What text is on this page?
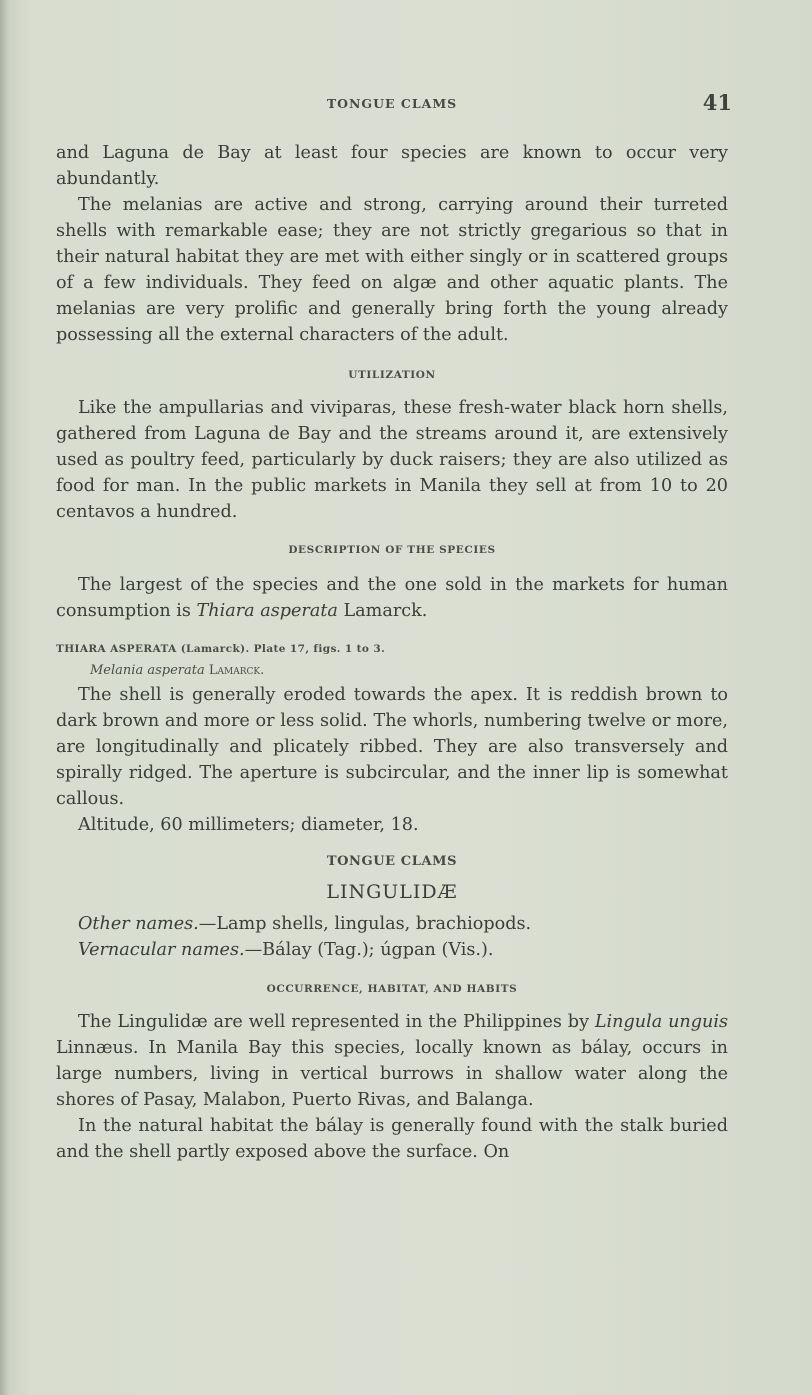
TONGUE CLAMS	41

and Laguna de Bay at least four species are known to occur very abundantly.

The melanias are active and strong, carrying around their turreted shells with remarkable ease; they are not strictly gregarious so that in their natural habitat they are met with either singly or in scattered groups of a few individuals. They feed on algæ and other aquatic plants. The melanias are very prolific and generally bring forth the young already possessing all the external characters of the adult.

UTILIZATION

Like the ampullarias and viviparas, these fresh-water black horn shells, gathered from Laguna de Bay and the streams around it, are extensively used as poultry feed, particularly by duck raisers; they are also utilized as food for man. In the public markets in Manila they sell at from 10 to 20 centavos a hundred.

DESCRIPTION OF THE SPECIES

The largest of the species and the one sold in the markets for human consumption is Thiara asperata Lamarck.

THIARA ASPERATA (Lamarck). Plate 17, figs. 1 to 3.
Melania asperata Lamarck.

The shell is generally eroded towards the apex. It is reddish brown to dark brown and more or less solid. The whorls, numbering twelve or more, are longitudinally and plicately ribbed. They are also transversely and spirally ridged. The aperture is subcircular, and the inner lip is somewhat callous.

Altitude, 60 millimeters; diameter, 18.

TONGUE CLAMS
LINGULIDÆ
Other names.—Lamp shells, lingulas, brachiopods.
Vernacular names.—Bálay (Tag.); úgpan (Vis.).
OCCURRENCE, HABITAT, AND HABITS

The Lingulidæ are well represented in the Philippines by Lingula unguis Linnæus. In Manila Bay this species, locally known as bálay, occurs in large numbers, living in vertical burrows in shallow water along the shores of Pasay, Malabon, Puerto Rivas, and Balanga.

In the natural habitat the bálay is generally found with the stalk buried and the shell partly exposed above the surface. On
